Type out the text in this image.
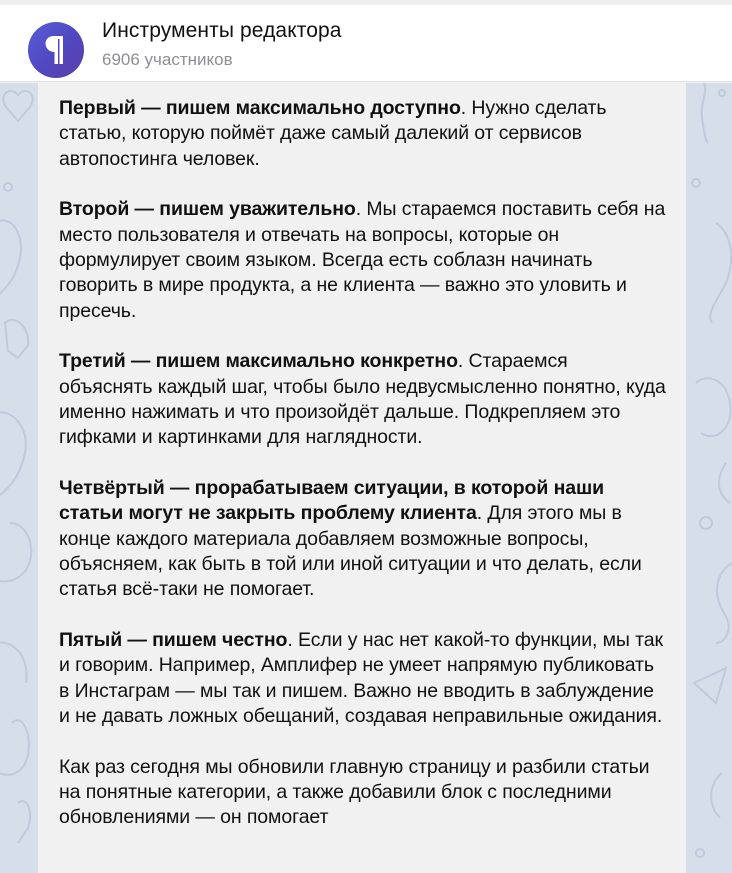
Инструменты редактора
6906 участников

Первый — пишем максимально доступно. Нужно сделать статью, которую поймёт даже самый далекий от сервисов автопостинга человек.

Второй — пишем уважительно. Мы стараемся поставить себя на место пользователя и отвечать на вопросы, которые он формулирует своим языком. Всегда есть соблазн начинать говорить в мире продукта, а не клиента — важно это уловить и пресечь.

Третий — пишем максимально конкретно. Стараемся объяснять каждый шаг, чтобы было недвусмысленно понятно, куда именно нажимать и что произойдёт дальше. Подкрепляем это гифками и картинками для наглядности.

Четвёртый — прорабатываем ситуации, в которой наши статьи могут не закрыть проблему клиента. Для этого мы в конце каждого материала добавляем возможные вопросы, объясняем, как быть в той или иной ситуации и что делать, если статья всё-таки не помогает.

Пятый — пишем честно. Если у нас нет какой-то функции, мы так и говорим. Например, Амплифер не умеет напрямую публиковать в Инстаграм — мы так и пишем. Важно не вводить в заблуждение и не давать ложных обещаний, создавая неправильные ожидания.

Как раз сегодня мы обновили главную страницу и разбили статьи на понятные категории, а также добавили блок с последними обновлениями — он помогает
